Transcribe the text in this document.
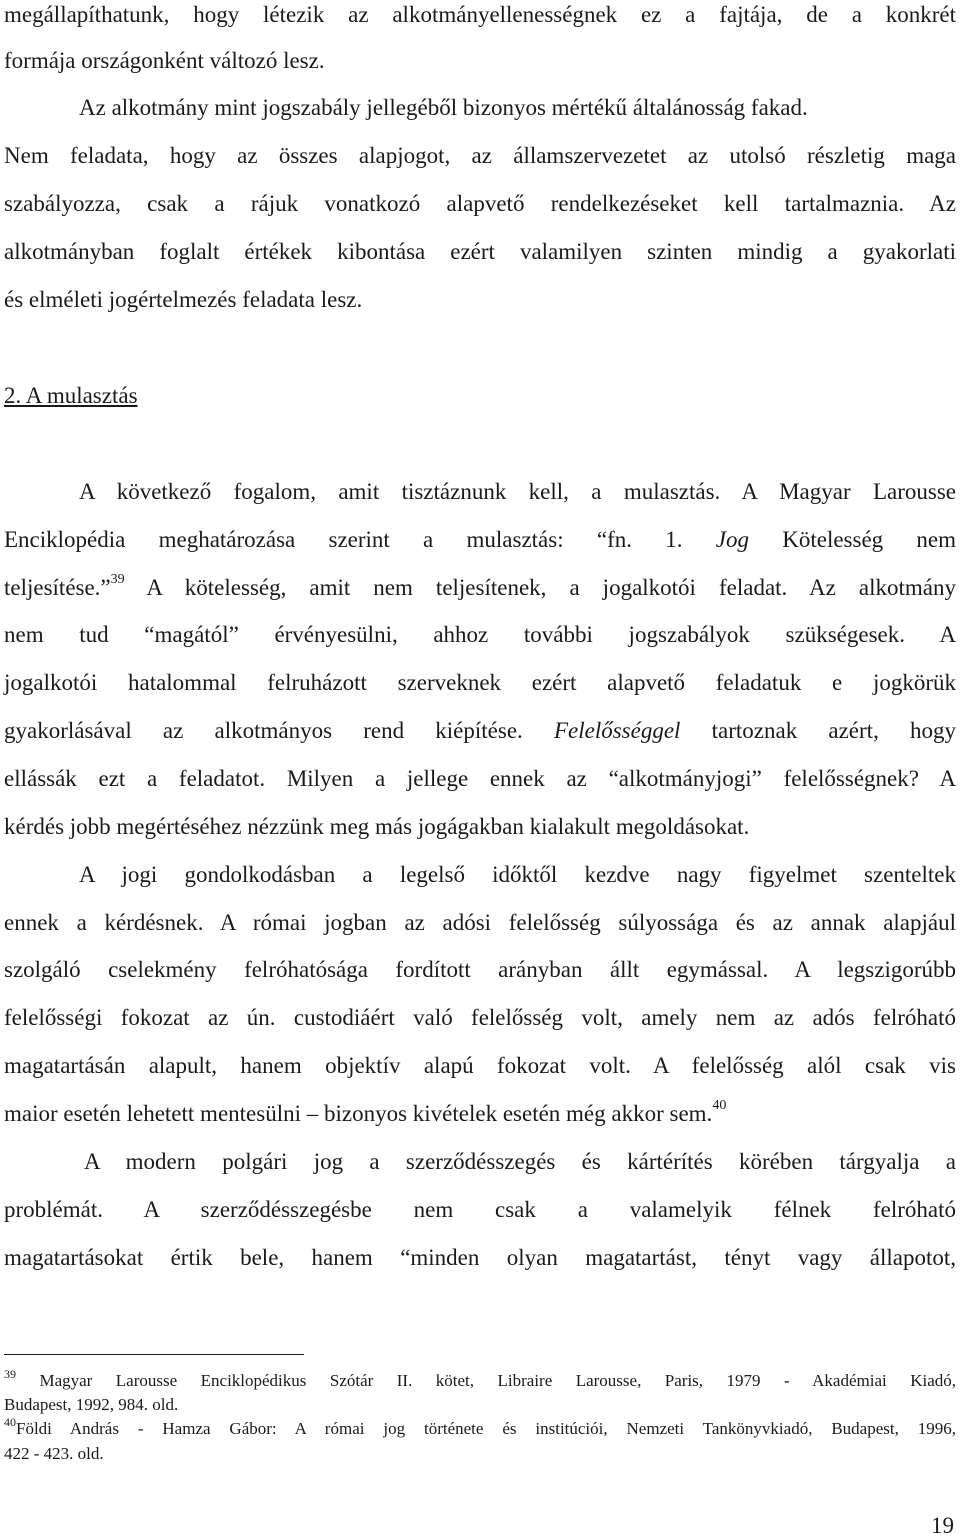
megállapíthatunk, hogy létezik az alkotmányellenességnek ez a fajtája, de a konkrét
formája országonként változó lesz.
Az alkotmány mint jogszabály jellegéből bizonyos mértékű általánosság fakad.
Nem feladata, hogy az összes alapjogot, az államszervezetet az utolsó részletig maga
szabályozza, csak a rájuk vonatkozó alapvető rendelkezéseket kell tartalmaznia. Az
alkotmányban foglalt értékek kibontása ezért valamilyen szinten mindig a gyakorlati
és elméleti jogértelmezés feladata lesz.
2. A mulasztás
A következő fogalom, amit tisztáznunk kell, a mulasztás. A Magyar Larousse
Enciklopédia meghatározása szerint a mulasztás: “fn. 1. Jog Kötelesség nem
teljesítése.”$^{39}$ A kötelesség, amit nem teljesítenek, a jogalkotói feladat. Az alkotmány
nem tud “magától” érvényesülni, ahhoz további jogszabályok szükségesek. A
jogalkotói hatalommal felruházott szerveknek ezért alapvető feladatuk e jogkörük
gyakorlásával az alkotmányos rend kiépítése. Felelősséggel tartoznak azért, hogy
ellássák ezt a feladatot. Milyen a jellege ennek az “alkotmányjogi” felelősségnek? A
kérdés jobb megértéséhez nézzünk meg más jogágakban kialakult megoldásokat.
A jogi gondolkodásban a legelső időktől kezdve nagy figyelmet szenteltek
ennek a kérdésnek. A római jogban az adósi felelősség súlyossága és az annak alapjául
szolgáló cselekmény felróhatósága fordított arányban állt egymással. A legszigorúbb
felelősségi fokozat az ún. custodiáért való felelősség volt, amely nem az adós felróható
magatartásán alapult, hanem objektív alapú fokozat volt. A felelősség alól csak vis
maior esetén lehetett mentesülni – bizonyos kivételek esetén még akkor sem.$^{40}$
A modern polgári jog a szerződésszegés és kártérítés körében tárgyalja a
problémát. A szerződésszegésbe nem csak a valamelyik félnek felróható
magatartásokat értik bele, hanem “minden olyan magatartást, tényt vagy állapotot,
$^{39}$ Magyar Larousse Enciklopédikus Szótár II. kötet, Libraire Larousse, Paris, 1979 - Akadémiai Kiadó,
Budapest, 1992, 984. old.
$^{40}$Földi András - Hamza Gábor: A római jog története és institúciói, Nemzeti Tankönyvkiadó, Budapest, 1996,
422 - 423. old.
19
